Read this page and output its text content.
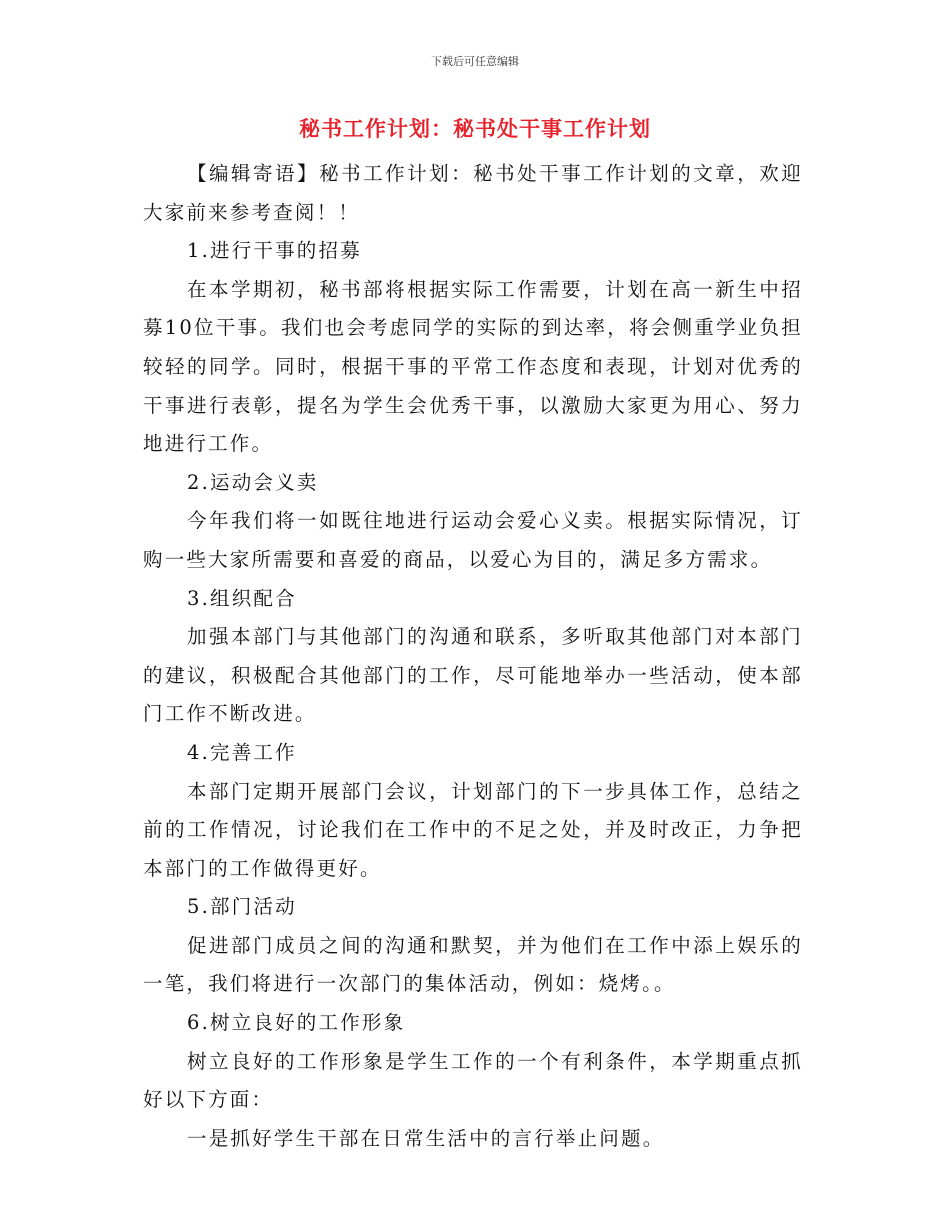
下载后可任意编辑
秘书工作计划：秘书处干事工作计划

【编辑寄语】秘书工作计划：秘书处干事工作计划的文章，欢迎大家前来参考查阅！！

1.进行干事的招募

在本学期初，秘书部将根据实际工作需要，计划在高一新生中招募10位干事。我们也会考虑同学的实际的到达率，将会侧重学业负担较轻的同学。同时，根据干事的平常工作态度和表现，计划对优秀的干事进行表彰，提名为学生会优秀干事，以激励大家更为用心、努力地进行工作。

2.运动会义卖

今年我们将一如既往地进行运动会爱心义卖。根据实际情况，订购一些大家所需要和喜爱的商品，以爱心为目的，满足多方需求。

3.组织配合

加强本部门与其他部门的沟通和联系，多听取其他部门对本部门的建议，积极配合其他部门的工作，尽可能地举办一些活动，使本部门工作不断改进。

4.完善工作

本部门定期开展部门会议，计划部门的下一步具体工作，总结之前的工作情况，讨论我们在工作中的不足之处，并及时改正，力争把本部门的工作做得更好。

5.部门活动

促进部门成员之间的沟通和默契，并为他们在工作中添上娱乐的一笔，我们将进行一次部门的集体活动，例如：烧烤。。

6.树立良好的工作形象

树立良好的工作形象是学生工作的一个有利条件，本学期重点抓好以下方面：

一是抓好学生干部在日常生活中的言行举止问题。
